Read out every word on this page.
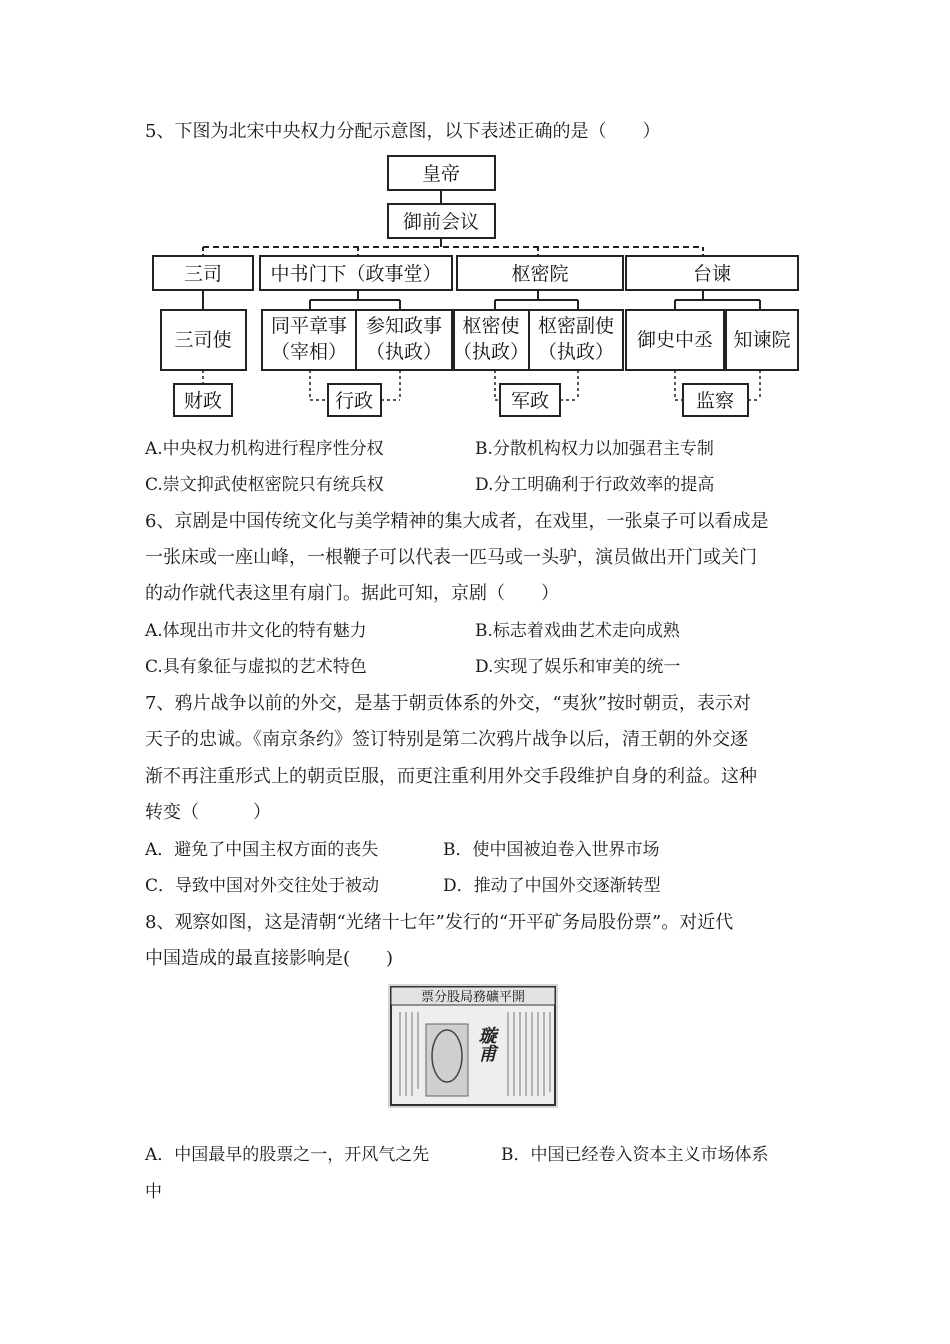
5、下图为北宋中央权力分配示意图，以下表述正确的是（　　）
皇帝
御前会议
三司	中书门下（政事堂）	枢密院	台谏
三司使
同平章事
（宰相）
参知政事
（执政）
枢密使
（执政）
枢密副使
（执政）
御史中丞 知谏院
财政	行政	军政	监察
A.中央权力机构进行程序性分权	B.分散机构权力以加强君主专制
C.崇文抑武使枢密院只有统兵权	D.分工明确利于行政效率的提高
6、京剧是中国传统文化与美学精神的集大成者，在戏里，一张桌子可以看成是
一张床或一座山峰，一根鞭子可以代表一匹马或一头驴，演员做出开门或关门
的动作就代表这里有扇门。据此可知，京剧（　　）
A.体现出市井文化的特有魅力	B.标志着戏曲艺术走向成熟
C.具有象征与虚拟的艺术特色	D.实现了娱乐和审美的统一
7、鸦片战争以前的外交，是基于朝贡体系的外交，“夷狄”按时朝贡，表示对
天子的忠诚。《南京条约》签订特别是第二次鸦片战争以后，清王朝的外交逐
渐不再注重形式上的朝贡臣服，而更注重利用外交手段维护自身的利益。这种
转变（　　　）
A．避免了中国主权方面的丧失	B．使中国被迫卷入世界市场
C．导致中国对外交往处于被动	D．推动了中国外交逐渐转型
8、观察如图，这是清朝“光绪十七年”发行的“开平矿务局股份票”。对近代
中国造成的最直接影响是(　　)
票分股局務礦平開
璇甫
A．中国最早的股票之一，开风气之先	B．中国已经卷入资本主义市场体系
中
